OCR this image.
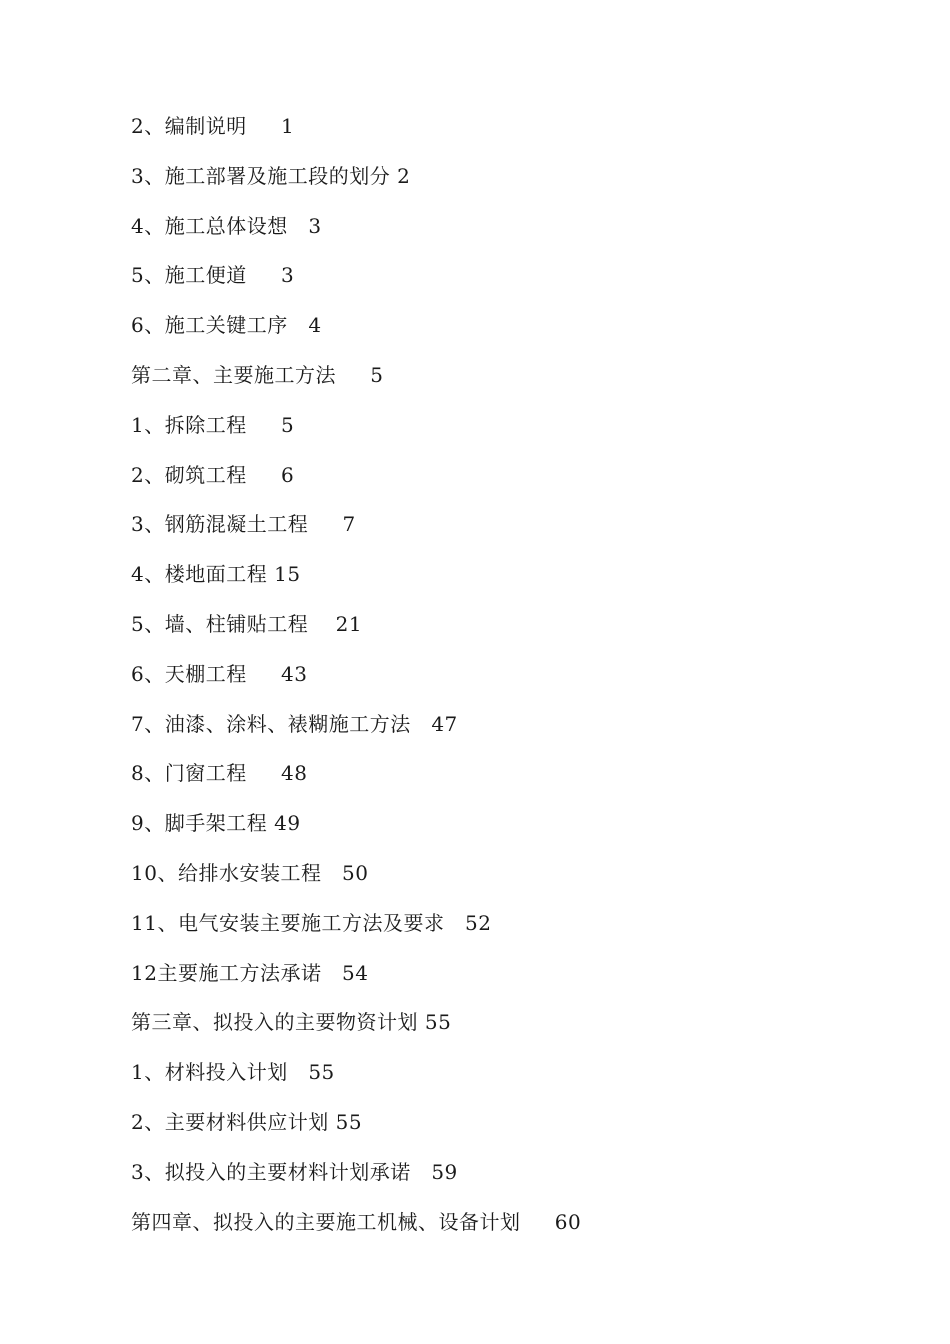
2、编制说明 1
3、施工部署及施工段的划分 2
4、施工总体设想 3
5、施工便道 3
6、施工关键工序 4
第二章、主要施工方法 5
1、拆除工程 5
2、砌筑工程 6
3、钢筋混凝土工程 7
4、楼地面工程 15
5、墙、柱铺贴工程 21
6、天棚工程 43
7、油漆、涂料、裱糊施工方法 47
8、门窗工程 48
9、脚手架工程 49
10、给排水安装工程 50
11、电气安装主要施工方法及要求 52
12主要施工方法承诺 54
第三章、拟投入的主要物资计划 55
1、材料投入计划 55
2、主要材料供应计划 55
3、拟投入的主要材料计划承诺 59
第四章、拟投入的主要施工机械、设备计划 60
